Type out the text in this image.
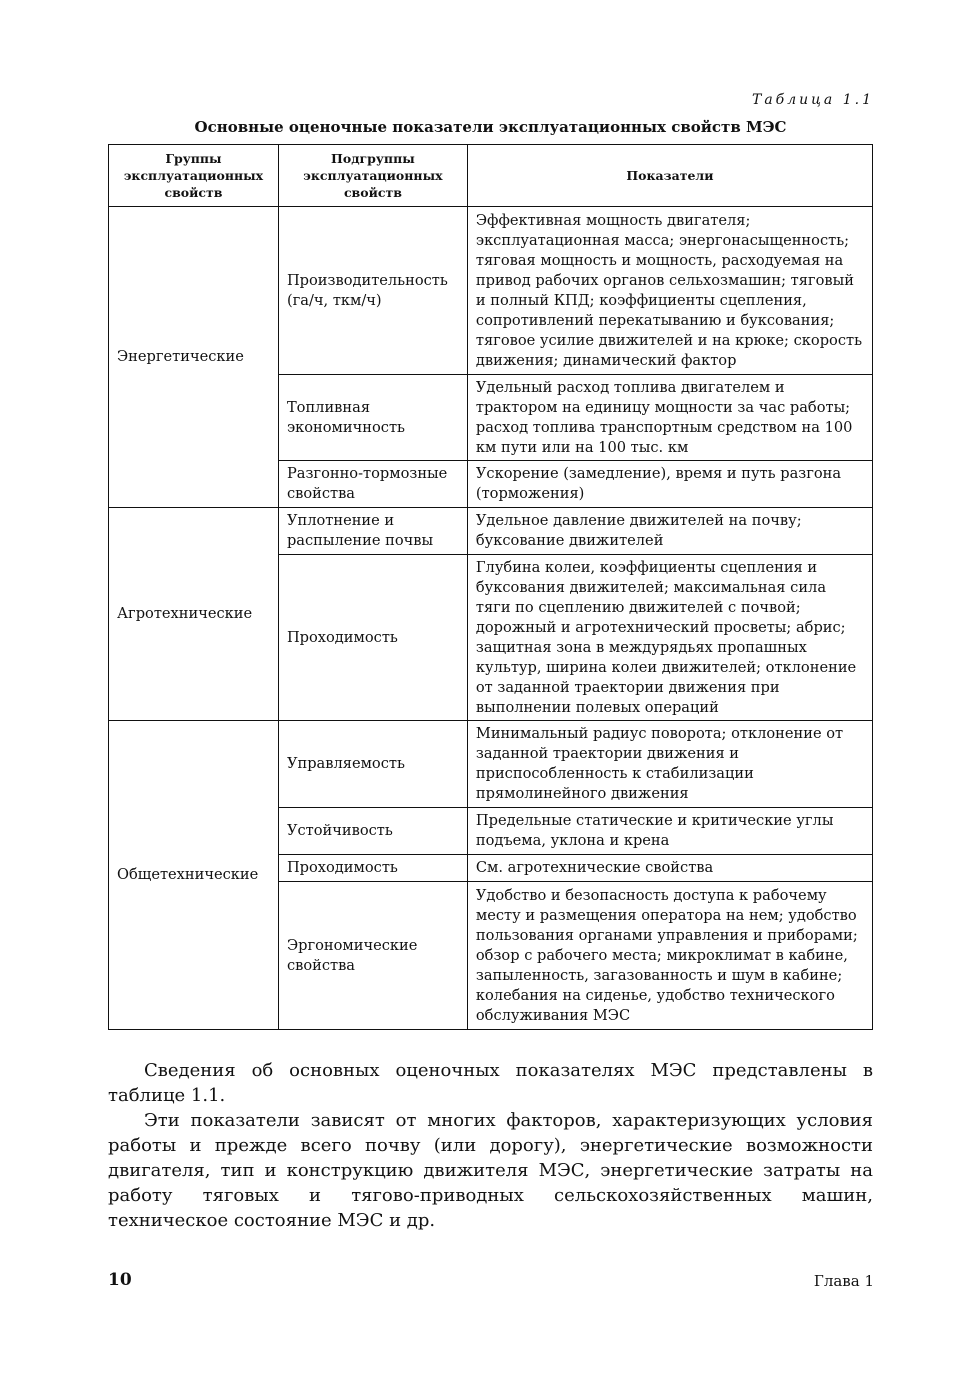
Таблица 1.1
Основные оценочные показатели эксплуатационных свойств МЭС
Группы эксплуатационных свойств	Подгруппы эксплуатационных свойств	Показатели
Энергетические	Производительность (га/ч, ткм/ч)	Эффективная мощность двигателя; эксплуатационная масса; энергонасыщенность; тяговая мощность и мощность, расходуемая на привод рабочих органов сельхозмашин; тяговый и полный КПД; коэффициенты сцепления, сопротивлений перекатыванию и буксования; тяговое усилие движителей и на крюке; скорость движения; динамический фактор
	Топливная экономичность	Удельный расход топлива двигателем и трактором на единицу мощности за час работы; расход топлива транспортным средством на 100 км пути или на 100 тыс. км
	Разгонно-тормозные свойства	Ускорение (замедление), время и путь разгона (торможения)
Агротехнические	Уплотнение и распыление почвы	Удельное давление движителей на почву; буксование движителей
	Проходимость	Глубина колеи, коэффициенты сцепления и буксования движителей; максимальная сила тяги по сцеплению движителей с почвой; дорожный и агротехнический просветы; абрис; защитная зона в междурядьях пропашных культур, ширина колеи движителей; отклонение от заданной траектории движения при выполнении полевых операций
Общетехнические	Управляемость	Минимальный радиус поворота; отклонение от заданной траектории движения и приспособленность к стабилизации прямолинейного движения
	Устойчивость	Предельные статические и критические углы подъема, уклона и крена
	Проходимость	См. агротехнические свойства
	Эргономические свойства	Удобство и безопасность доступа к рабочему месту и размещения оператора на нем; удобство пользования органами управления и приборами; обзор с рабочего места; микроклимат в кабине, запыленность, загазованность и шум в кабине; колебания на сиденье, удобство технического обслуживания МЭС

Сведения об основных оценочных показателях МЭС представлены в таблице 1.1.

Эти показатели зависят от многих факторов, характеризующих условия работы и прежде всего почву (или дорогу), энергетические возможности двигателя, тип и конструкцию движителя МЭС, энергетические затраты на работу тяговых и тягово-приводных сельскохозяйственных машин, техническое состояние МЭС и др.

10	Глава 1
